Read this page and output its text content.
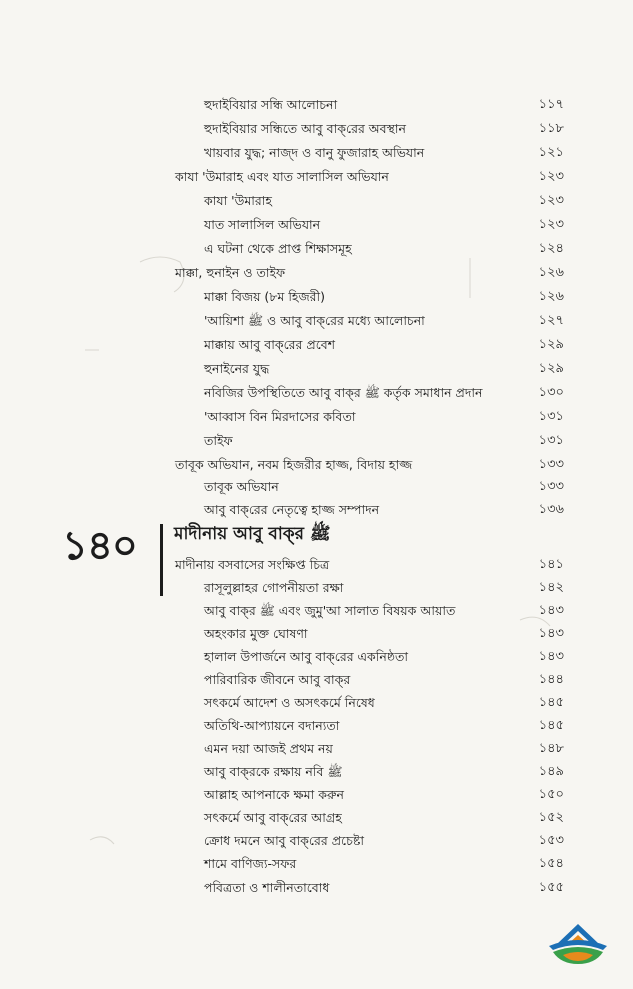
হুদাইবিয়ার সন্ধি আলোচনা	১১৭
হুদাইবিয়ার সন্ধিতে আবু বাক্‌রের অবস্থান	১১৮
খায়বার যুদ্ধ; নাজ্‌দ ও বানু ফুজারাহ অভিযান	১২১
কাযা 'উমারাহ এবং যাত সালাসিল অভিযান	১২৩
কাযা 'উমারাহ	১২৩
যাত সালাসিল অভিযান	১২৩
এ ঘটনা থেকে প্রাপ্ত শিক্ষাসমূহ	১২৪
মাক্কা, হুনাইন ও তাইফ	১২৬
মাক্কা বিজয় (৮ম হিজরী)	১২৬
'আয়িশা ﷺ ও আবু বাক্‌রের মধ্যে আলোচনা	১২৭
মাক্কায় আবু বাক্‌রের প্রবেশ	১২৯
হুনাইনের যুদ্ধ	১২৯
নবিজির উপস্থিতিতে আবু বাক্‌র ﷺ কর্তৃক সমাধান প্রদান	১৩০
'আব্বাস বিন মিরদাসের কবিতা	১৩১
তাইফ	১৩১
তাবূক অভিযান, নবম হিজরীর হাজ্জ, বিদায় হাজ্জ	১৩৩
তাবূক অভিযান	১৩৩
আবু বাক্‌রের নেতৃত্বে হাজ্জ সম্পাদন	১৩৬
১৪০ মাদীনায় আবু বাক্‌র ﷺ
মাদীনায় বসবাসের সংক্ষিপ্ত চিত্র	১৪১
রাসূলুল্লাহর গোপনীয়তা রক্ষা	১৪২
আবু বাক্‌র ﷺ এবং জুমু'আ সালাত বিষয়ক আয়াত	১৪৩
অহংকার মুক্ত ঘোষণা	১৪৩
হালাল উপার্জনে আবু বাক্‌রের একনিষ্ঠতা	১৪৩
পারিবারিক জীবনে আবু বাক্‌র	১৪৪
সৎকর্মে আদেশ ও অসৎকর্মে নিষেধ	১৪৫
অতিথি-আপ্যায়নে বদান্যতা	১৪৫
এমন দয়া আজই প্রথম নয়	১৪৮
আবু বাক্‌রকে রক্ষায় নবি ﷺ	১৪৯
আল্লাহ আপনাকে ক্ষমা করুন	১৫০
সৎকর্মে আবু বাক্‌রের আগ্রহ	১৫২
ক্রোধ দমনে আবু বাক্‌রের প্রচেষ্টা	১৫৩
শামে বাণিজ্য-সফর	১৫৪
পবিত্রতা ও শালীনতাবোধ	১৫৫
